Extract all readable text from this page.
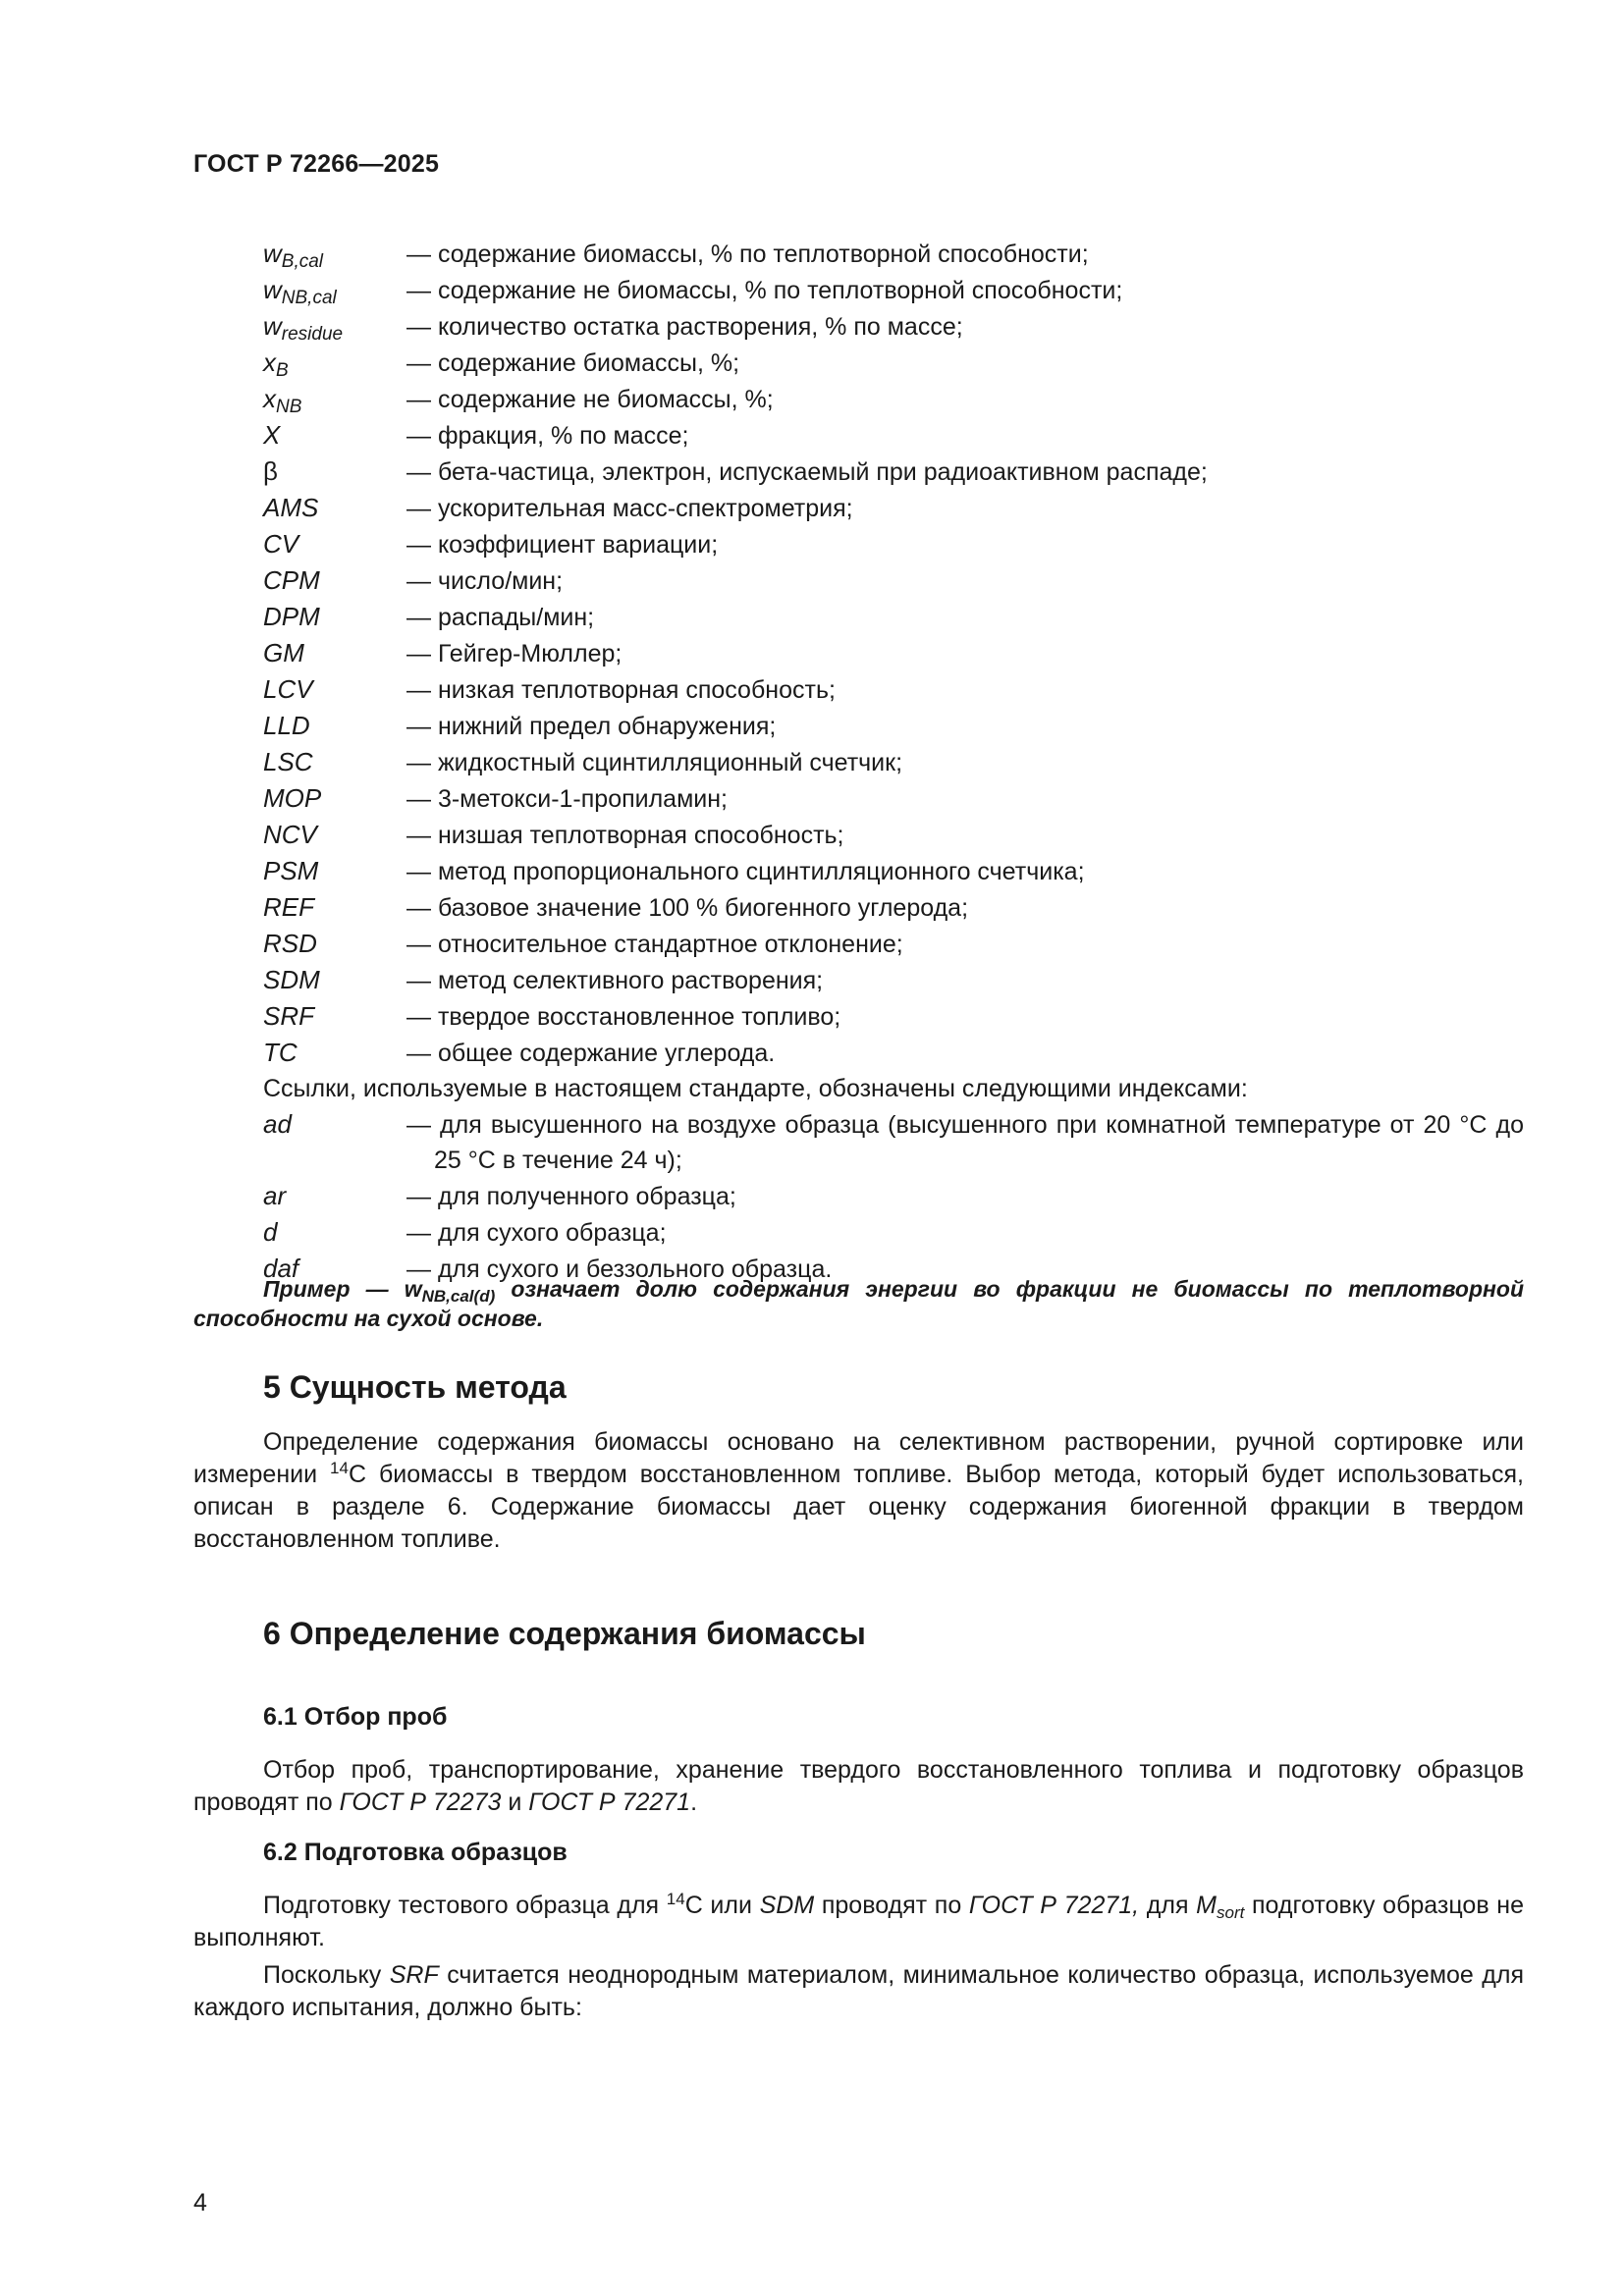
ГОСТ Р 72266—2025
$w_{B,cal}$	— содержание биомассы, % по теплотворной способности;
$w_{NB,cal}$	— содержание не биомассы, % по теплотворной способности;
$w_{residue}$	— количество остатка растворения, % по массе;
$x_B$	— содержание биомассы, %;
$x_{NB}$	— содержание не биомассы, %;
X	— фракция, % по массе;
β	— бета-частица, электрон, испускаемый при радиоактивном распаде;
AMS	— ускорительная масс-спектрометрия;
CV	— коэффициент вариации;
CPM	— число/мин;
DPM	— распады/мин;
GM	— Гейгер-Мюллер;
LCV	— низкая теплотворная способность;
LLD	— нижний предел обнаружения;
LSC	— жидкостный сцинтилляционный счетчик;
MOP	— 3-метокси-1-пропиламин;
NCV	— низшая теплотворная способность;
PSM	— метод пропорционального сцинтилляционного счетчика;
REF	— базовое значение 100 % биогенного углерода;
RSD	— относительное стандартное отклонение;
SDM	— метод селективного растворения;
SRF	— твердое восстановленное топливо;
TC	— общее содержание углерода.
Ссылки, используемые в настоящем стандарте, обозначены следующими индексами:
ad	— для высушенного на воздухе образца (высушенного при комнатной температуре от 20 °С до 25 °С в течение 24 ч);
ar	— для полученного образца;
d	— для сухого образца;
daf	— для сухого и беззольного образца.
Пример — $w_{NB,cal(d)}$ означает долю содержания энергии во фракции не биомассы по теплотворной способности на сухой основе.
5 Сущность метода
Определение содержания биомассы основано на селективном растворении, ручной сортировке или измерении $^{14}$С биомассы в твердом восстановленном топливе. Выбор метода, который будет использоваться, описан в разделе 6. Содержание биомассы дает оценку содержания биогенной фракции в твердом восстановленном топливе.
6 Определение содержания биомассы
6.1 Отбор проб
Отбор проб, транспортирование, хранение твердого восстановленного топлива и подготовку образцов проводят по ГОСТ Р 72273 и ГОСТ Р 72271.
6.2 Подготовка образцов
Подготовку тестового образца для $^{14}$С или SDM проводят по ГОСТ Р 72271, для $M_{sort}$ подготовку образцов не выполняют.
Поскольку SRF считается неоднородным материалом, минимальное количество образца, используемое для каждого испытания, должно быть:
4
